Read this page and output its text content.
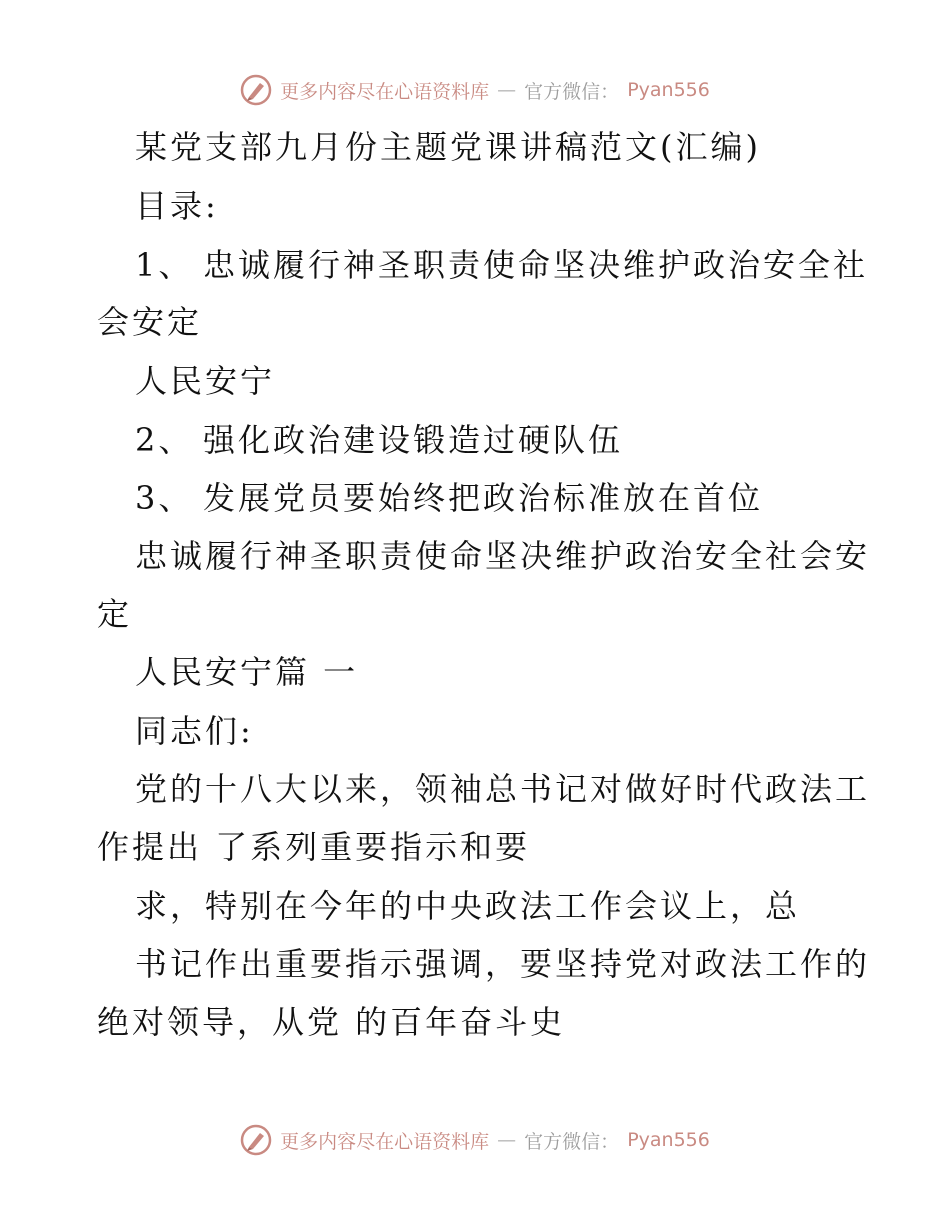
更多内容尽在心语资料库 — 官方微信： Pyan556
某党支部九月份主题党课讲稿范文(汇编)
目录:
1、 忠诚履行神圣职责使命坚决维护政治安全社
会安定
人民安宁
2、 强化政治建设锻造过硬队伍
3、 发展党员要始终把政治标准放在首位
忠诚履行神圣职责使命坚决维护政治安全社会安
定
人民安宁篇 一
同志们:
党的十八大以来，领袖总书记对做好时代政法工
作提出 了系列重要指示和要
求，特别在今年的中央政法工作会议上，总
书记作出重要指示强调，要坚持党对政法工作的
绝对领导，从党 的百年奋斗史
更多内容尽在心语资料库 — 官方微信： Pyan556
